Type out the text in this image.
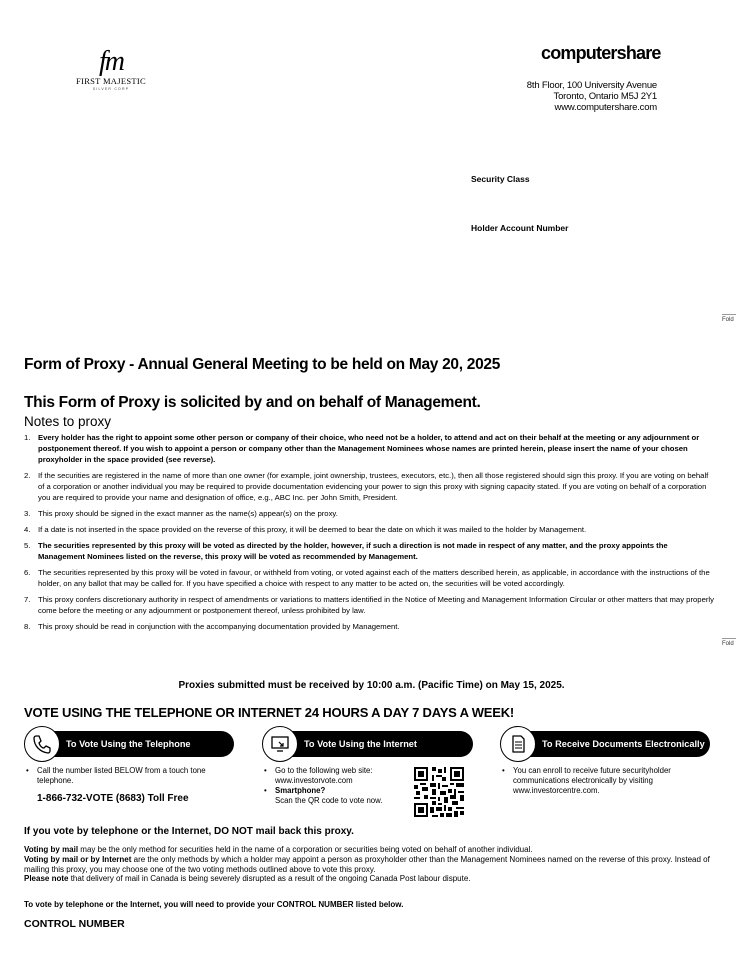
fm
FIRST MAJESTIC
SILVER CORP
computershare
8th Floor, 100 University Avenue
Toronto, Ontario M5J 2Y1
www.computershare.com
Security Class
Holder Account Number
Fold
Fold
Form of Proxy - Annual General Meeting to be held on May 20, 2025
This Form of Proxy is solicited by and on behalf of Management.
Notes to proxy
1. Every holder has the right to appoint some other person or company of their choice, who need not be a holder, to attend and act on their behalf at the meeting or any adjournment or postponement thereof. If you wish to appoint a person or company other than the Management Nominees whose names are printed herein, please insert the name of your chosen proxyholder in the space provided (see reverse).
2. If the securities are registered in the name of more than one owner (for example, joint ownership, trustees, executors, etc.), then all those registered should sign this proxy. If you are voting on behalf of a corporation or another individual you may be required to provide documentation evidencing your power to sign this proxy with signing capacity stated. If you are voting on behalf of a corporation you are required to provide your name and designation of office, e.g., ABC Inc. per John Smith, President.
3. This proxy should be signed in the exact manner as the name(s) appear(s) on the proxy.
4. If a date is not inserted in the space provided on the reverse of this proxy, it will be deemed to bear the date on which it was mailed to the holder by Management.
5. The securities represented by this proxy will be voted as directed by the holder, however, if such a direction is not made in respect of any matter, and the proxy appoints the Management Nominees listed on the reverse, this proxy will be voted as recommended by Management.
6. The securities represented by this proxy will be voted in favour, or withheld from voting, or voted against each of the matters described herein, as applicable, in accordance with the instructions of the holder, on any ballot that may be called for. If you have specified a choice with respect to any matter to be acted on, the securities will be voted accordingly.
7. This proxy confers discretionary authority in respect of amendments or variations to matters identified in the Notice of Meeting and Management Information Circular or other matters that may properly come before the meeting or any adjournment or postponement thereof, unless prohibited by law.
8. This proxy should be read in conjunction with the accompanying documentation provided by Management.
Proxies submitted must be received by 10:00 a.m. (Pacific Time) on May 15, 2025.
VOTE USING THE TELEPHONE OR INTERNET 24 HOURS A DAY 7 DAYS A WEEK!
To Vote Using the Telephone
•	Call the number listed BELOW from a touch tone telephone.
1-866-732-VOTE (8683) Toll Free
To Vote Using the Internet
•	Go to the following web site:
www.investorvote.com
•	Smartphone?
Scan the QR code to vote now.
To Receive Documents Electronically
•	You can enroll to receive future securityholder communications electronically by visiting www.investorcentre.com.
If you vote by telephone or the Internet, DO NOT mail back this proxy.
Voting by mail may be the only method for securities held in the name of a corporation or securities being voted on behalf of another individual.
Voting by mail or by Internet are the only methods by which a holder may appoint a person as proxyholder other than the Management Nominees named on the reverse of this proxy. Instead of mailing this proxy, you may choose one of the two voting methods outlined above to vote this proxy.
Please note that delivery of mail in Canada is being severely disrupted as a result of the ongoing Canada Post labour dispute.
To vote by telephone or the Internet, you will need to provide your CONTROL NUMBER listed below.
CONTROL NUMBER
